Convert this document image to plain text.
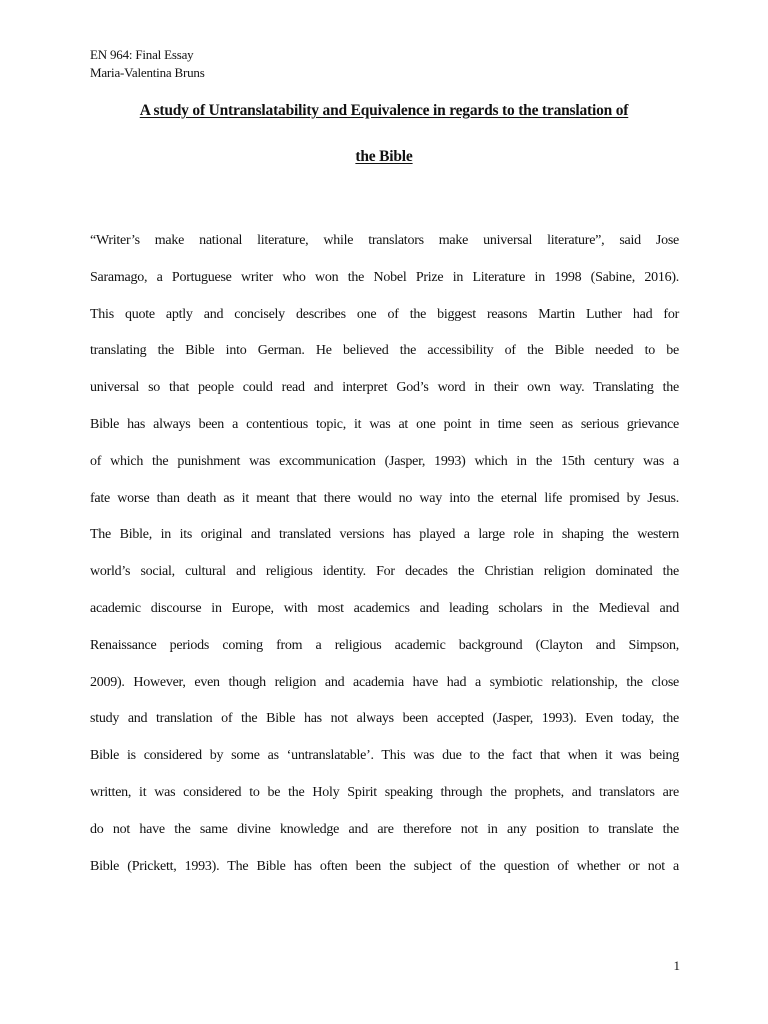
EN 964: Final Essay
Maria-Valentina Bruns
A study of Untranslatability and Equivalence in regards to the translation of
the Bible
“Writer’s make national literature, while translators make universal literature”, said Jose
Saramago, a Portuguese writer who won the Nobel Prize in Literature in 1998 (Sabine, 2016).
This quote aptly and concisely describes one of the biggest reasons Martin Luther had for
translating the Bible into German. He believed the accessibility of the Bible needed to be
universal so that people could read and interpret God’s word in their own way. Translating the
Bible has always been a contentious topic, it was at one point in time seen as serious grievance
of which the punishment was excommunication (Jasper, 1993) which in the 15th century was a
fate worse than death as it meant that there would no way into the eternal life promised by Jesus.
The Bible, in its original and translated versions has played a large role in shaping the western
world’s social, cultural and religious identity. For decades the Christian religion dominated the
academic discourse in Europe, with most academics and leading scholars in the Medieval and
Renaissance periods coming from a religious academic background (Clayton and Simpson,
2009). However, even though religion and academia have had a symbiotic relationship, the close
study and translation of the Bible has not always been accepted (Jasper, 1993). Even today, the
Bible is considered by some as ‘untranslatable’. This was due to the fact that when it was being
written, it was considered to be the Holy Spirit speaking through the prophets, and translators are
do not have the same divine knowledge and are therefore not in any position to translate the
Bible (Prickett, 1993). The Bible has often been the subject of the question of whether or not a
1
